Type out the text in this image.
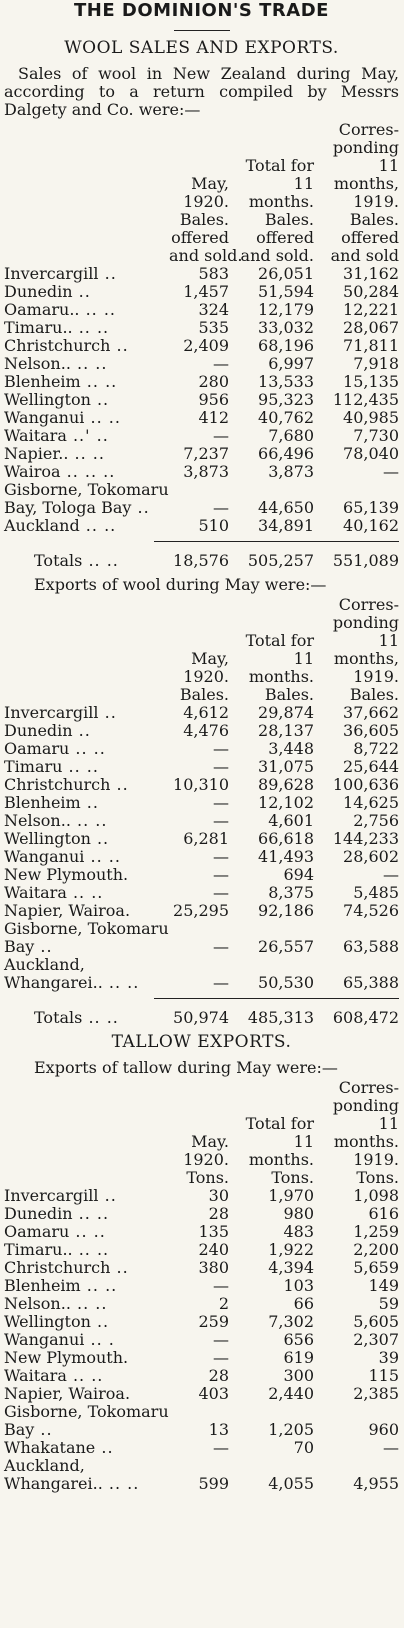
THE DOMINION'S TRADE
WOOL SALES AND EXPORTS.

Sales of wool in New Zealand during May, according to a return compiled by Messrs Dalgety and Co. were:—

			Corres-
			ponding
		Total for	11
	May,	11	months,
	1920.	months.	1919.
	Bales.	Bales.	Bales.
	offered	offered	offered
	and sold.	and sold.	and sold
Invercargill ..	583	26,051	31,162
Dunedin ..	1,457	51,594	50,284
Oamaru.. .. ..	324	12,179	12,221
Timaru.. .. ..	535	33,032	28,067
Christchurch ..	2,409	68,196	71,811
Nelson.. .. ..	—	6,997	7,918
Blenheim .. ..	280	13,533	15,135
Wellington ..	956	95,323	112,435
Wanganui .. ..	412	40,762	40,985
Waitara ..' ..	—	7,680	7,730
Napier.. .. ..	7,237	66,496	78,040
Wairoa .. .. ..	3,873	3,873	—
Gisborne, Tokomaru Bay, Tologa Bay ..	—	44,650	65,139
Auckland .. ..	510	34,891	40,162

Totals .. ..	18,576	505,257	551,089

Exports of wool during May were:—

			Corres-
			ponding
		Total for	11
	May,	11	months,
	1920.	months.	1919.
	Bales.	Bales.	Bales.
Invercargill ..	4,612	29,874	37,662
Dunedin ..	4,476	28,137	36,605
Oamaru .. ..	—	3,448	8,722
Timaru .. ..	—	31,075	25,644
Christchurch ..	10,310	89,628	100,636
Blenheim ..	—	12,102	14,625
Nelson.. .. ..	—	4,601	2,756
Wellington ..	6,281	66,618	144,233
Wanganui .. ..	—	41,493	28,602
New Plymouth.	—	694	—
Waitara .. ..	—	8,375	5,485
Napier, Wairoa.	25,295	92,186	74,526
Gisborne, Tokomaru Bay ..	—	26,557	63,588
Auckland, Whangarei.. .. ..	—	50,530	65,388

Totals .. ..	50,974	485,313	608,472
TALLOW EXPORTS.

Exports of tallow during May were:—

			Corres-
			ponding
		Total for	11
	May.	11	months.
	1920.	months.	1919.
	Tons.	Tons.	Tons.
Invercargill ..	30	1,970	1,098
Dunedin .. ..	28	980	616
Oamaru .. ..	135	483	1,259
Timaru.. .. ..	240	1,922	2,200
Christchurch ..	380	4,394	5,659
Blenheim .. ..	—	103	149
Nelson.. .. ..	2	66	59
Wellington ..	259	7,302	5,605
Wanganui .. .	—	656	2,307
New Plymouth.	—	619	39
Waitara .. ..	28	300	115
Napier, Wairoa.	403	2,440	2,385
Gisborne, Tokomaru Bay ..	13	1,205	960
Whakatane ..	—	70	—
Auckland, Whangarei.. .. ..	599	4,055	4,955
